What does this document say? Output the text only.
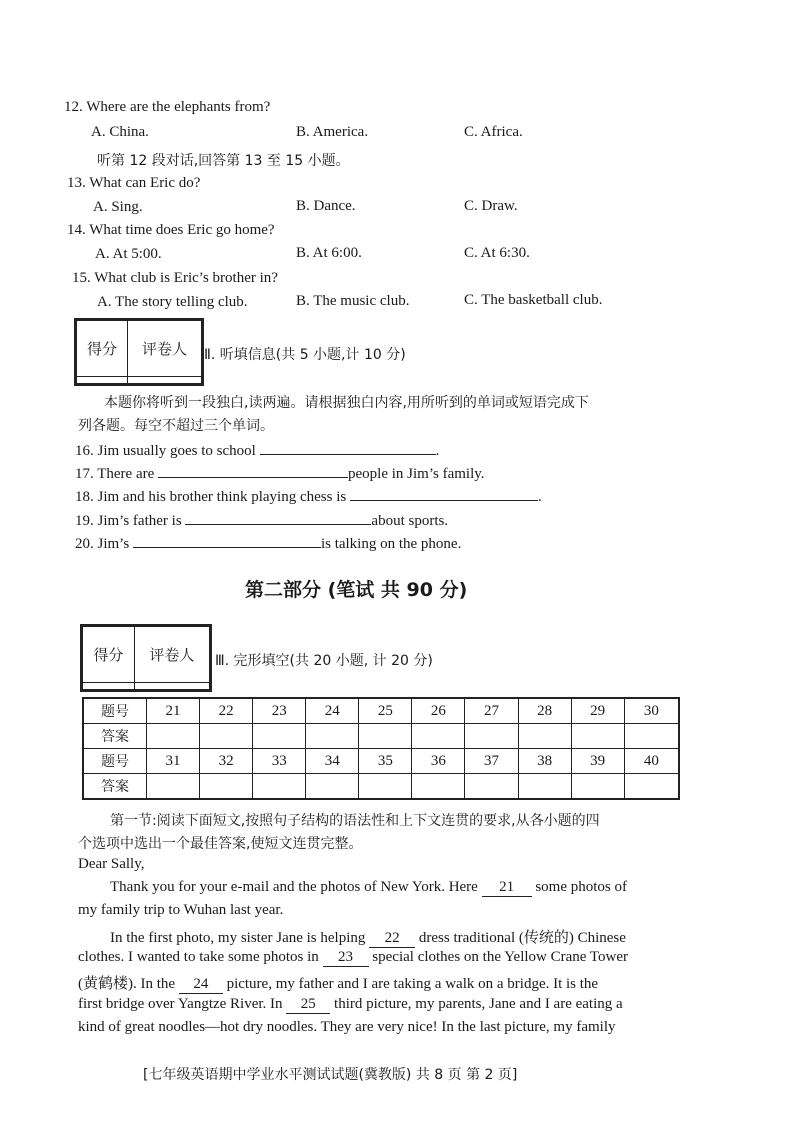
12. Where are the elephants from?
A. China.	B. America.	C. Africa.
听第 12 段对话,回答第 13 至 15 小题。
13. What can Eric do?
A. Sing.	B. Dance.	C. Draw.
14. What time does Eric go home?
A. At 5:00.	B. At 6:00.	C. At 6:30.
15. What club is Eric’s brother in?
A. The story telling club.	B. The music club.	C. The basketball club.
得分	评卷人
	Ⅱ. 听填信息(共 5 小题,计 10 分)
本题你将听到一段独白,读两遍。请根据独白内容,用所听到的单词或短语完成下
列各题。每空不超过三个单词。
16. Jim usually goes to school	.
17. There are	people in Jim’s family.
18. Jim and his brother think playing chess is	.
19. Jim’s father is	about sports.
20. Jim’s	is talking on the phone.
第二部分 (笔试 共 90 分)
得分	评卷人
	Ⅲ. 完形填空(共 20 小题, 计 20 分)
题号	21	22	23	24	25	26	27	28	29	30
答案										
题号	31	32	33	34	35	36	37	38	39	40
答案										
第一节:阅读下面短文,按照句子结构的语法性和上下文连贯的要求,从各小题的四
个选项中选出一个最佳答案,使短文连贯完整。
Dear Sally,
Thank you for your e-mail and the photos of New York. Here 21 some photos of
my family trip to Wuhan last year.
In the first photo, my sister Jane is helping 22 dress traditional (传统的) Chinese
clothes. I wanted to take some photos in 23 special clothes on the Yellow Crane Tower
(黄鹤楼). In the 24 picture, my father and I are taking a walk on a bridge. It is the
first bridge over Yangtze River. In 25 third picture, my parents, Jane and I are eating a
kind of great noodles—hot dry noodles. They are very nice! In the last picture, my family
[七年级英语期中学业水平测试试题(冀教版) 共 8 页 第 2 页]
